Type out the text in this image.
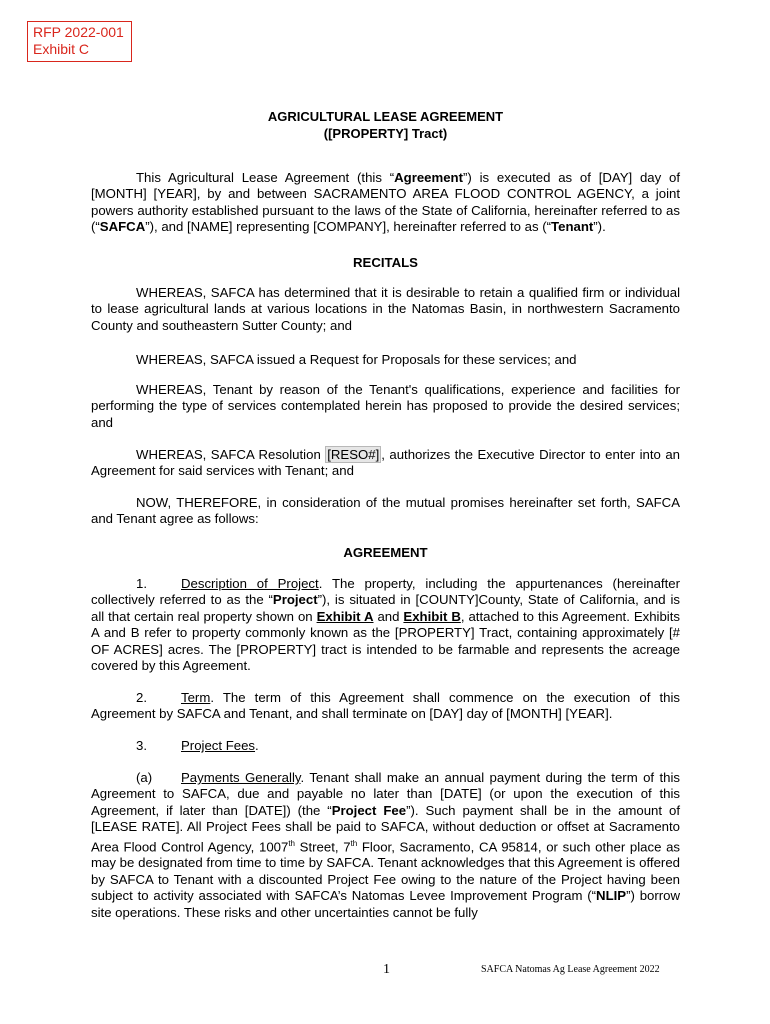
RFP 2022-001
Exhibit C
AGRICULTURAL LEASE AGREEMENT
([PROPERTY] Tract)
This Agricultural Lease Agreement (this “Agreement”) is executed as of [DAY] day of [MONTH] [YEAR], by and between SACRAMENTO AREA FLOOD CONTROL AGENCY, a joint powers authority established pursuant to the laws of the State of California, hereinafter referred to as (“SAFCA”), and [NAME] representing [COMPANY], hereinafter referred to as (“Tenant”).
RECITALS
WHEREAS, SAFCA has determined that it is desirable to retain a qualified firm or individual to lease agricultural lands at various locations in the Natomas Basin, in northwestern Sacramento County and southeastern Sutter County; and
WHEREAS, SAFCA issued a Request for Proposals for these services; and
WHEREAS, Tenant by reason of the Tenant's qualifications, experience and facilities for performing the type of services contemplated herein has proposed to provide the desired services; and
WHEREAS, SAFCA Resolution [RESO#] , authorizes the Executive Director to enter into an Agreement for said services with Tenant; and
NOW, THEREFORE, in consideration of the mutual promises hereinafter set forth, SAFCA and Tenant agree as follows:
AGREEMENT
1.	Description of Project. The property, including the appurtenances (hereinafter collectively referred to as the “Project”), is situated in [COUNTY]County, State of California, and is all that certain real property shown on Exhibit A and Exhibit B, attached to this Agreement. Exhibits A and B refer to property commonly known as the [PROPERTY] Tract, containing approximately [# OF ACRES] acres. The [PROPERTY] tract is intended to be farmable and represents the acreage covered by this Agreement.
2.	Term. The term of this Agreement shall commence on the execution of this Agreement by SAFCA and Tenant, and shall terminate on [DAY] day of [MONTH] [YEAR].
3.	Project Fees.
(a) Payments Generally. Tenant shall make an annual payment during the term of this Agreement to SAFCA, due and payable no later than [DATE] (or upon the execution of this Agreement, if later than [DATE]) (the “Project Fee”). Such payment shall be in the amount of [LEASE RATE]. All Project Fees shall be paid to SAFCA, without deduction or offset at Sacramento Area Flood Control Agency, 1007th Street, 7th Floor, Sacramento, CA 95814, or such other place as may be designated from time to time by SAFCA. Tenant acknowledges that this Agreement is offered by SAFCA to Tenant with a discounted Project Fee owing to the nature of the Project having been subject to activity associated with SAFCA’s Natomas Levee Improvement Program (“NLIP”) borrow site operations. These risks and other uncertainties cannot be fully
1	SAFCA Natomas Ag Lease Agreement 2022
